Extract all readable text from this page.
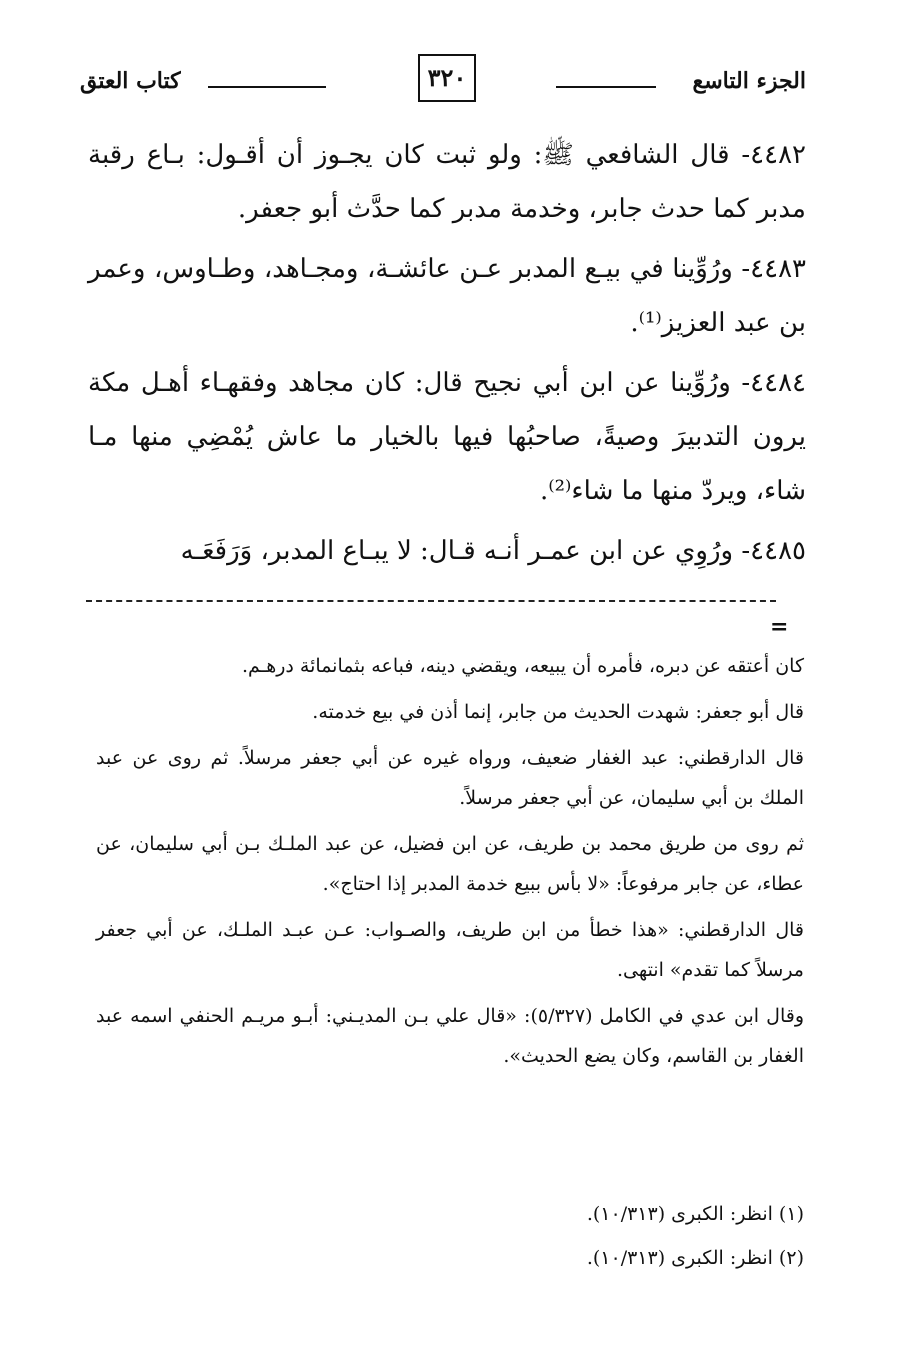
الجزء التاسع
٣٢٠
كتاب العتق

٤٤٨٢- قال الشافعي ﷺ: ولو ثبت كان يجـوز أن أقـول: بـاع رقبة مدبر كما حدث جابر، وخدمة مدبر كما حدَّث أبو جعفر.

٤٤٨٣- ورُوِّينا في بيـع المدبر عـن عائشـة، ومجـاهد، وطـاوس، وعمر بن عبد العزيز⁽¹⁾.

٤٤٨٤- ورُوِّينا عن ابن أبي نجيح قال: كان مجاهد وفقهـاء أهـل مكة يرون التدبيرَ وصيةً، صاحبُها فيها بالخيار ما عاش يُمْضِي منها مـا شاء، ويردّ منها ما شاء⁽²⁾.

٤٤٨٥- ورُوِي عن ابن عمـر أنـه قـال: لا يبـاع المدبر، وَرَفَعَـه

=

كان أعتقه عن دبره، فأمره أن يبيعه، ويقضي دينه، فباعه بثمانمائة درهـم.

قال أبو جعفر: شهدت الحديث من جابر، إنما أذن في بيع خدمته.

قال الدارقطني: عبد الغفار ضعيف، ورواه غيره عن أبي جعفر مرسلاً. ثم روى عن عبد الملك بن أبي سليمان، عن أبي جعفر مرسلاً.

ثم روى من طريق محمد بن طريف، عن ابن فضيل، عن عبد الملـك بـن أبي سليمان، عن عطاء، عن جابر مرفوعاً: «لا بأس ببيع خدمة المدبر إذا احتاج».

قال الدارقطني: «هذا خطأ من ابن طريف، والصـواب: عـن عبـد الملـك، عن أبي جعفر مرسلاً كما تقدم» انتهى.

وقال ابن عدي في الكامل (٥/٣٢٧): «قال علي بـن المديـني: أبـو مريـم الحنفي اسمه عبد الغفار بن القاسم، وكان يضع الحديث».

(١) انظر: الكبرى (١٠/٣١٣).

(٢) انظر: الكبرى (١٠/٣١٣).
